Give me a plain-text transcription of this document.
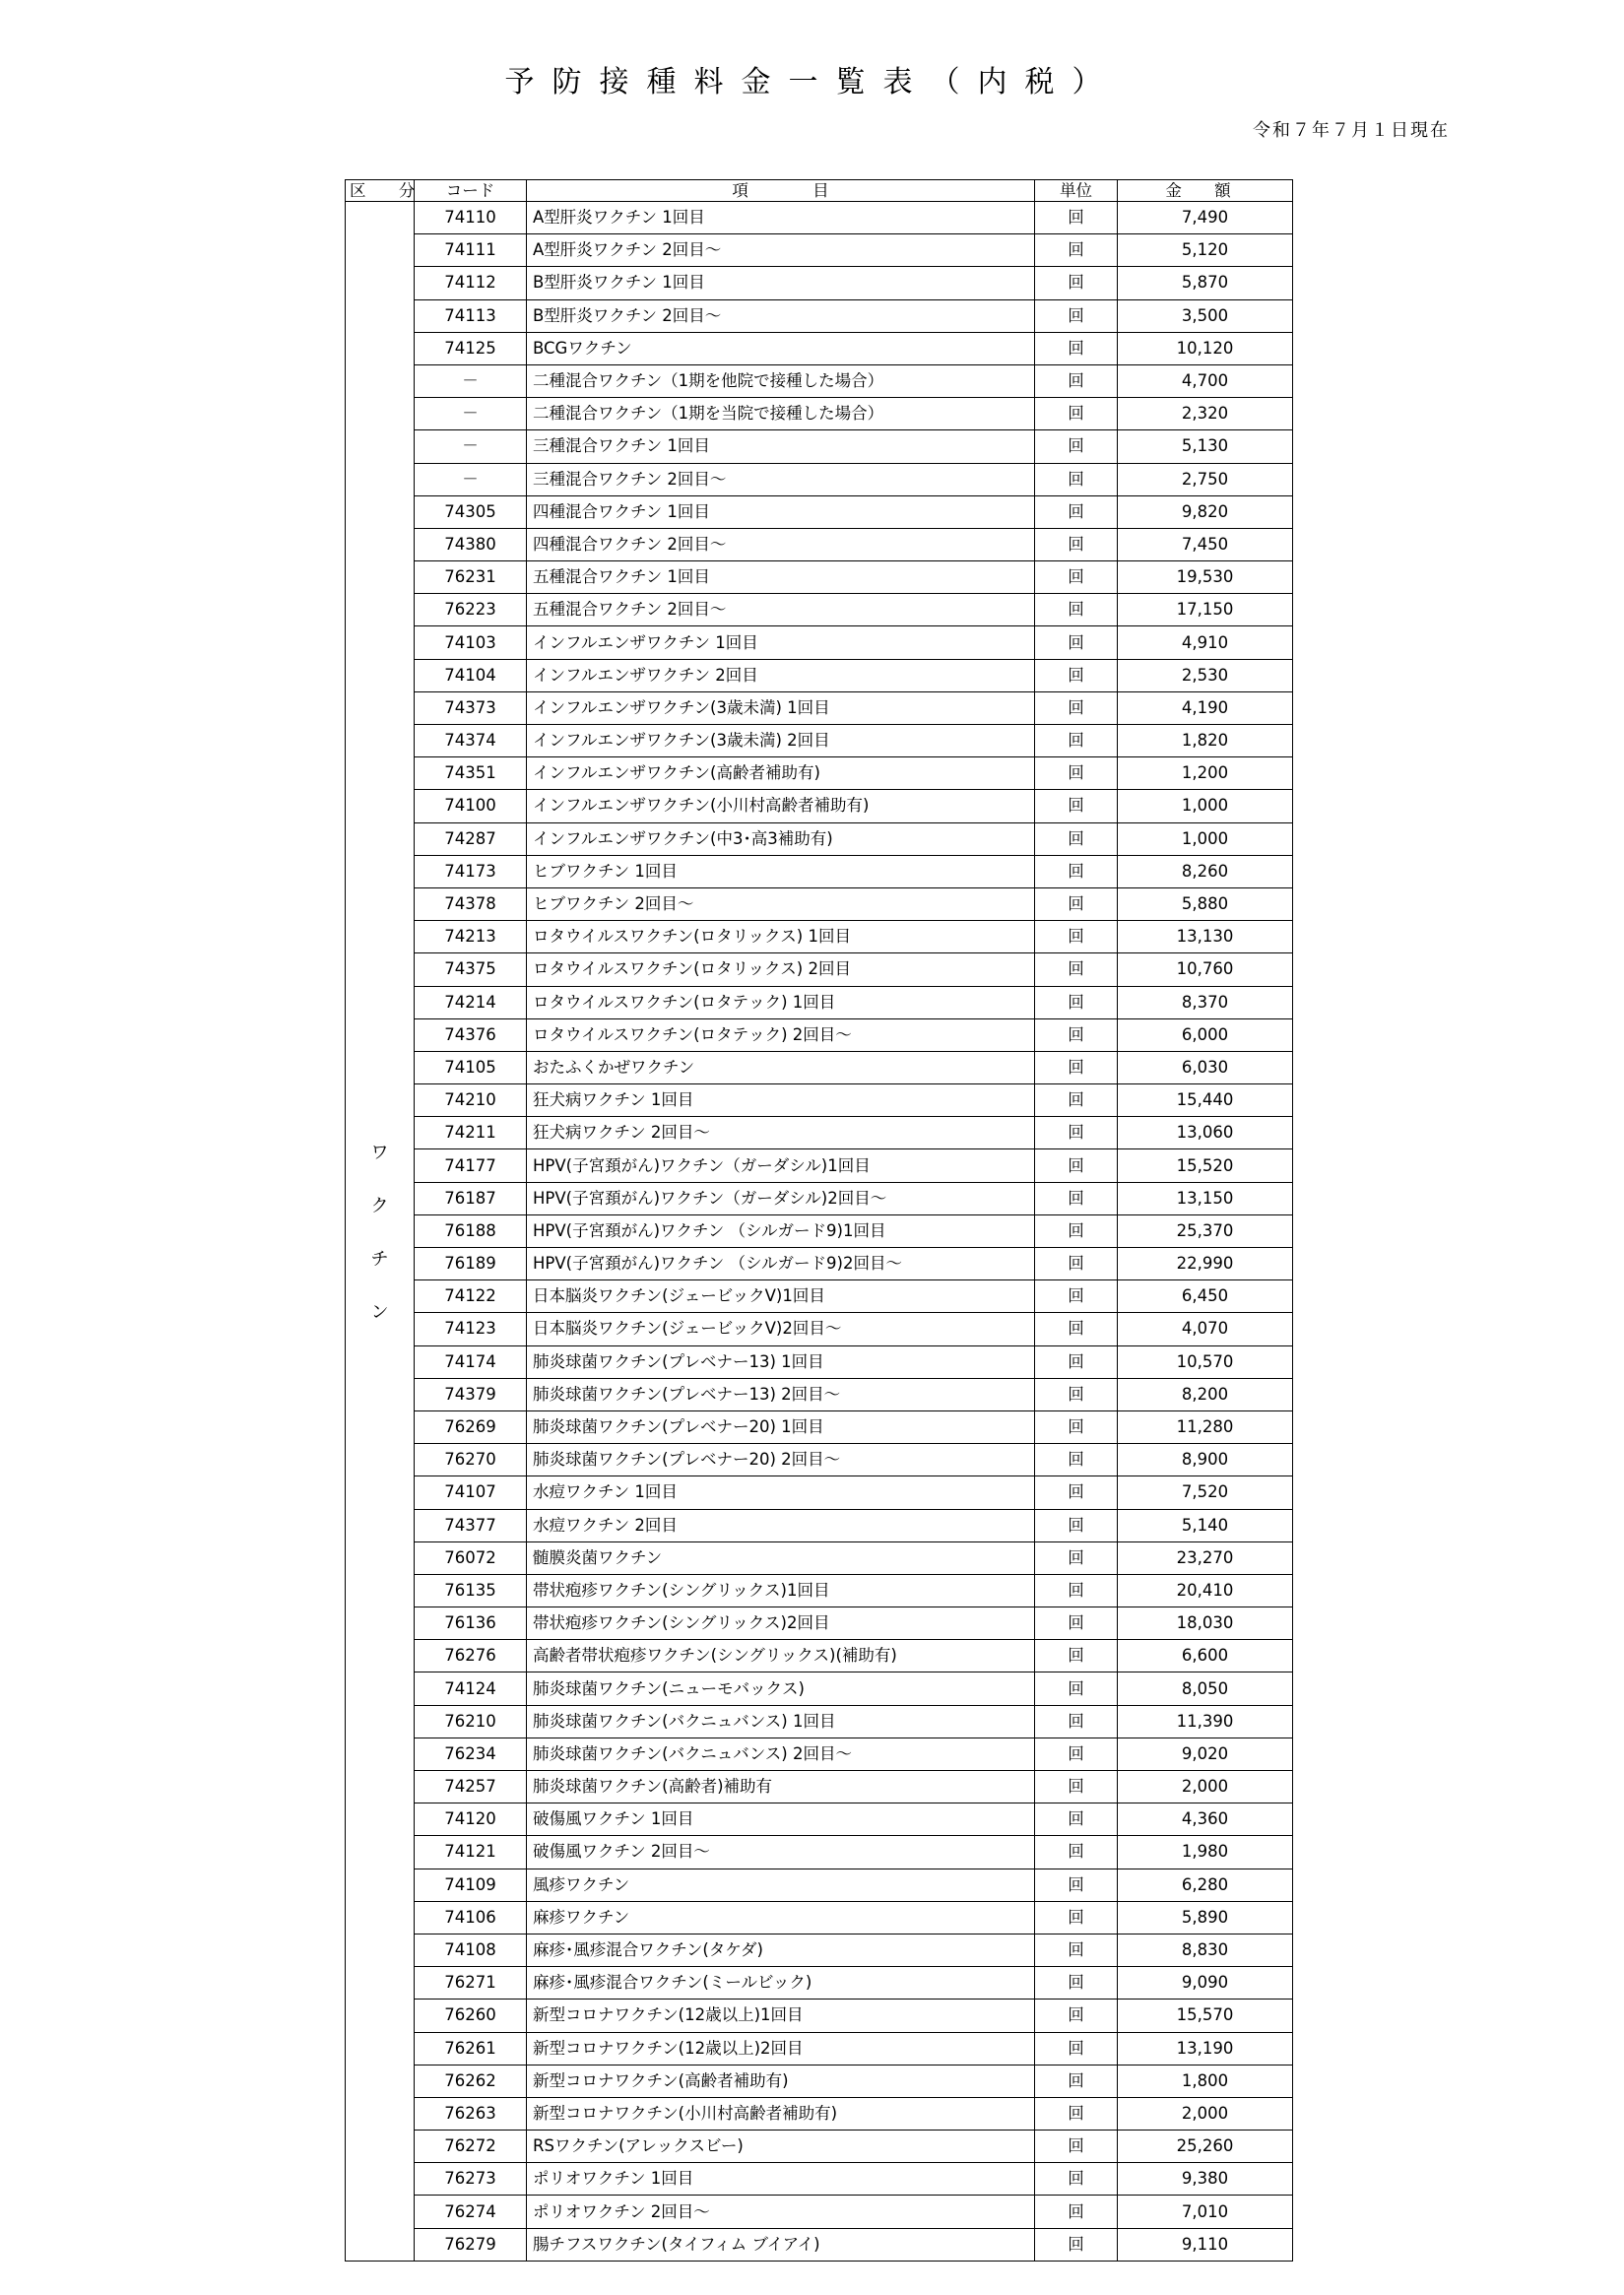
予防接種料金一覧表（内税）
令和７年７月１日現在
区 分	コード	項 目	単位	金 額

ワ
ク
チ
ン	74110	A型肝炎ワクチン 1回目	回	7,490
	74111	A型肝炎ワクチン 2回目～	回	5,120
	74112	B型肝炎ワクチン 1回目	回	5,870
	74113	B型肝炎ワクチン 2回目～	回	3,500
	74125	BCGワクチン	回	10,120
	－	二種混合ワクチン（1期を他院で接種した場合）	回	4,700
	－	二種混合ワクチン（1期を当院で接種した場合）	回	2,320
	－	三種混合ワクチン 1回目	回	5,130
	－	三種混合ワクチン 2回目～	回	2,750
	74305	四種混合ワクチン 1回目	回	9,820
	74380	四種混合ワクチン 2回目～	回	7,450
	76231	五種混合ワクチン 1回目	回	19,530
	76223	五種混合ワクチン 2回目～	回	17,150
	74103	インフルエンザワクチン 1回目	回	4,910
	74104	インフルエンザワクチン 2回目	回	2,530
	74373	インフルエンザワクチン(3歳未満) 1回目	回	4,190
	74374	インフルエンザワクチン(3歳未満) 2回目	回	1,820
	74351	インフルエンザワクチン(高齢者補助有)	回	1,200
	74100	インフルエンザワクチン(小川村高齢者補助有)	回	1,000
	74287	インフルエンザワクチン(中3･高3補助有)	回	1,000
	74173	ヒブワクチン 1回目	回	8,260
	74378	ヒブワクチン 2回目～	回	5,880
	74213	ロタウイルスワクチン(ロタリックス) 1回目	回	13,130
	74375	ロタウイルスワクチン(ロタリックス) 2回目	回	10,760
	74214	ロタウイルスワクチン(ロタテック) 1回目	回	8,370
	74376	ロタウイルスワクチン(ロタテック) 2回目～	回	6,000
	74105	おたふくかぜワクチン	回	6,030
	74210	狂犬病ワクチン 1回目	回	15,440
	74211	狂犬病ワクチン 2回目～	回	13,060
	74177	HPV(子宮頚がん)ワクチン（ガーダシル)1回目	回	15,520
	76187	HPV(子宮頚がん)ワクチン（ガーダシル)2回目～	回	13,150
	76188	HPV(子宮頚がん)ワクチン （シルガード9)1回目	回	25,370
	76189	HPV(子宮頚がん)ワクチン （シルガード9)2回目～	回	22,990
	74122	日本脳炎ワクチン(ジェービックV)1回目	回	6,450
	74123	日本脳炎ワクチン(ジェービックV)2回目～	回	4,070
	74174	肺炎球菌ワクチン(プレベナー13) 1回目	回	10,570
	74379	肺炎球菌ワクチン(プレベナー13) 2回目～	回	8,200
	76269	肺炎球菌ワクチン(プレベナー20) 1回目	回	11,280
	76270	肺炎球菌ワクチン(プレベナー20) 2回目～	回	8,900
	74107	水痘ワクチン 1回目	回	7,520
	74377	水痘ワクチン 2回目	回	5,140
	76072	髄膜炎菌ワクチン	回	23,270
	76135	帯状疱疹ワクチン(シングリックス)1回目	回	20,410
	76136	帯状疱疹ワクチン(シングリックス)2回目	回	18,030
	76276	高齢者帯状疱疹ワクチン(シングリックス)(補助有)	回	6,600
	74124	肺炎球菌ワクチン(ニューモバックス)	回	8,050
	76210	肺炎球菌ワクチン(バクニュバンス) 1回目	回	11,390
	76234	肺炎球菌ワクチン(バクニュバンス) 2回目～	回	9,020
	74257	肺炎球菌ワクチン(高齢者)補助有	回	2,000
	74120	破傷風ワクチン 1回目	回	4,360
	74121	破傷風ワクチン 2回目～	回	1,980
	74109	風疹ワクチン	回	6,280
	74106	麻疹ワクチン	回	5,890
	74108	麻疹･風疹混合ワクチン(タケダ)	回	8,830
	76271	麻疹･風疹混合ワクチン(ミールビック)	回	9,090
	76260	新型コロナワクチン(12歳以上)1回目	回	15,570
	76261	新型コロナワクチン(12歳以上)2回目	回	13,190
	76262	新型コロナワクチン(高齢者補助有)	回	1,800
	76263	新型コロナワクチン(小川村高齢者補助有)	回	2,000
	76272	RSワクチン(アレックスビー)	回	25,260
	76273	ポリオワクチン 1回目	回	9,380
	76274	ポリオワクチン 2回目～	回	7,010
	76279	腸チフスワクチン(タイフィム ブイアイ)	回	9,110
